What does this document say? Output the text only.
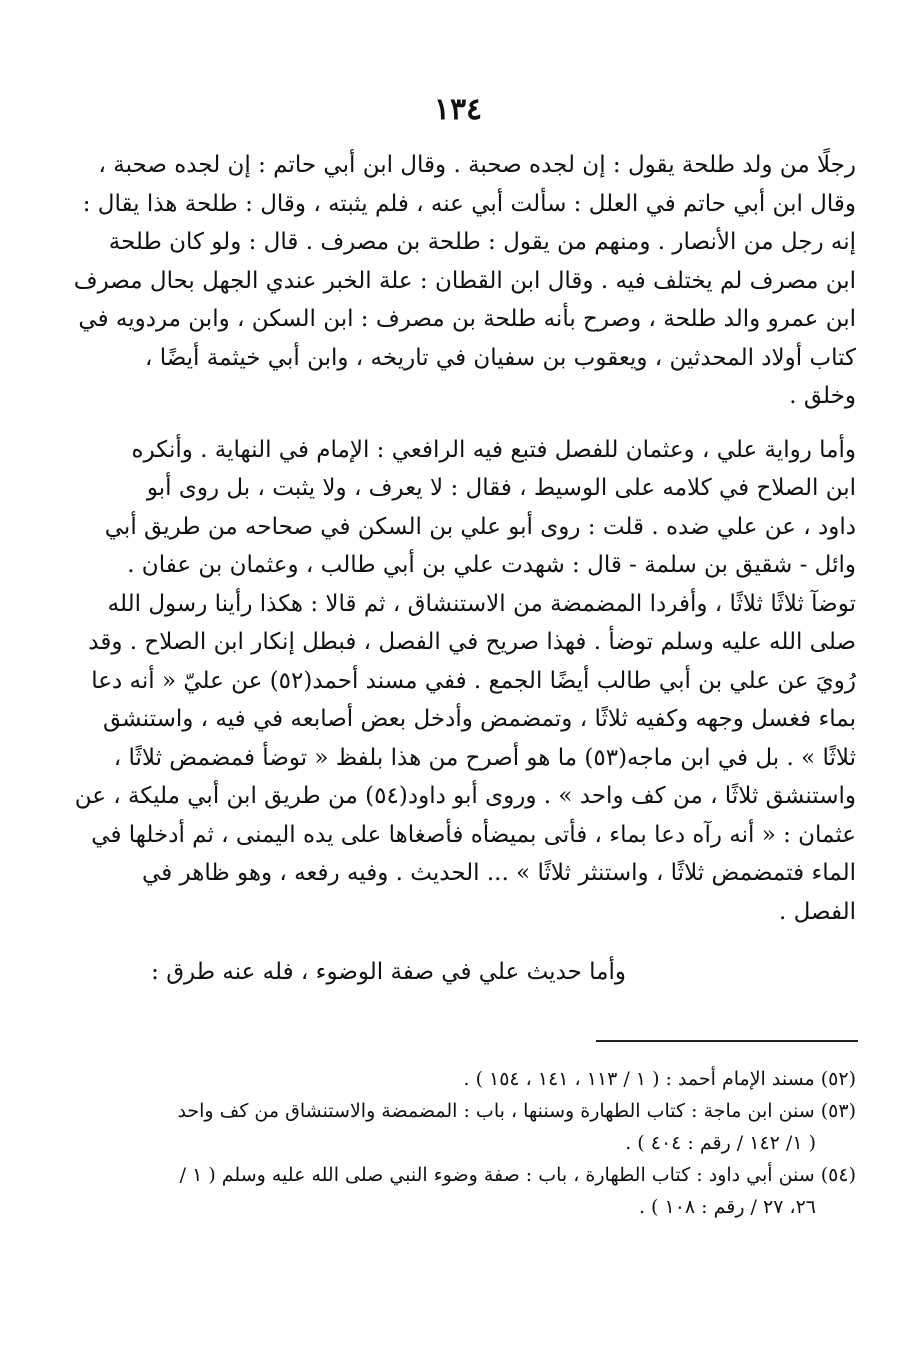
١٣٤

رجلًا من ولد طلحة يقول : إن لجده صحبة . وقال ابن أبي حاتم : إن لجده صحبة ،
وقال ابن أبي حاتم في العلل : سألت أبي عنه ، فلم يثبته ، وقال : طلحة هذا يقال :
إنه رجل من الأنصار . ومنهم من يقول : طلحة بن مصرف . قال : ولو كان طلحة
ابن مصرف لم يختلف فيه . وقال ابن القطان : علة الخبر عندي الجهل بحال مصرف
ابن عمرو والد طلحة ، وصرح بأنه طلحة بن مصرف : ابن السكن ، وابن مردويه في
كتاب أولاد المحدثين ، ويعقوب بن سفيان في تاريخه ، وابن أبي خيثمة أيضًا ،
وخلق .

وأما رواية علي ، وعثمان للفصل فتبع فيه الرافعي : الإمام في النهاية . وأنكره
ابن الصلاح في كلامه على الوسيط ، فقال : لا يعرف ، ولا يثبت ، بل روى أبو
داود ، عن علي ضده . قلت : روى أبو علي بن السكن في صحاحه من طريق أبي
وائل - شقيق بن سلمة - قال : شهدت علي بن أبي طالب ، وعثمان بن عفان .
توضآ ثلاثًا ثلاثًا ، وأفردا المضمضة من الاستنشاق ، ثم قالا : هكذا رأينا رسول الله
صلى الله عليه وسلم توضأ . فهذا صريح في الفصل ، فبطل إنكار ابن الصلاح . وقد
رُويَ عن علي بن أبي طالب أيضًا الجمع . ففي مسند أحمد(٥٢) عن عليّ « أنه دعا
بماء فغسل وجهه وكفيه ثلاثًا ، وتمضمض وأدخل بعض أصابعه في فيه ، واستنشق
ثلاثًا » . بل في ابن ماجه(٥٣) ما هو أصرح من هذا بلفظ « توضأ فمضمض ثلاثًا ،
واستنشق ثلاثًا ، من كف واحد » . وروى أبو داود(٥٤) من طريق ابن أبي مليكة ، عن
عثمان : « أنه رآه دعا بماء ، فأتى بميضأه فأصغاها على يده اليمنى ، ثم أدخلها في
الماء فتمضمض ثلاثًا ، واستنثر ثلاثًا » ... الحديث . وفيه رفعه ، وهو ظاهر في
الفصل .

وأما حديث علي في صفة الوضوء ، فله عنه طرق :

(٥٢) مسند الإمام أحمد : ( ١ / ١١٣ ، ١٤١ ، ١٥٤ ) .

(٥٣) سنن ابن ماجة : كتاب الطهارة وسننها ، باب : المضمضة والاستنشاق من كف واحد
( ١/ ١٤٢ / رقم : ٤٠٤ ) .

(٥٤) سنن أبي داود : كتاب الطهارة ، باب : صفة وضوء النبي صلى الله عليه وسلم ( ١ /
٢٦، ٢٧ / رقم : ١٠٨ ) .
